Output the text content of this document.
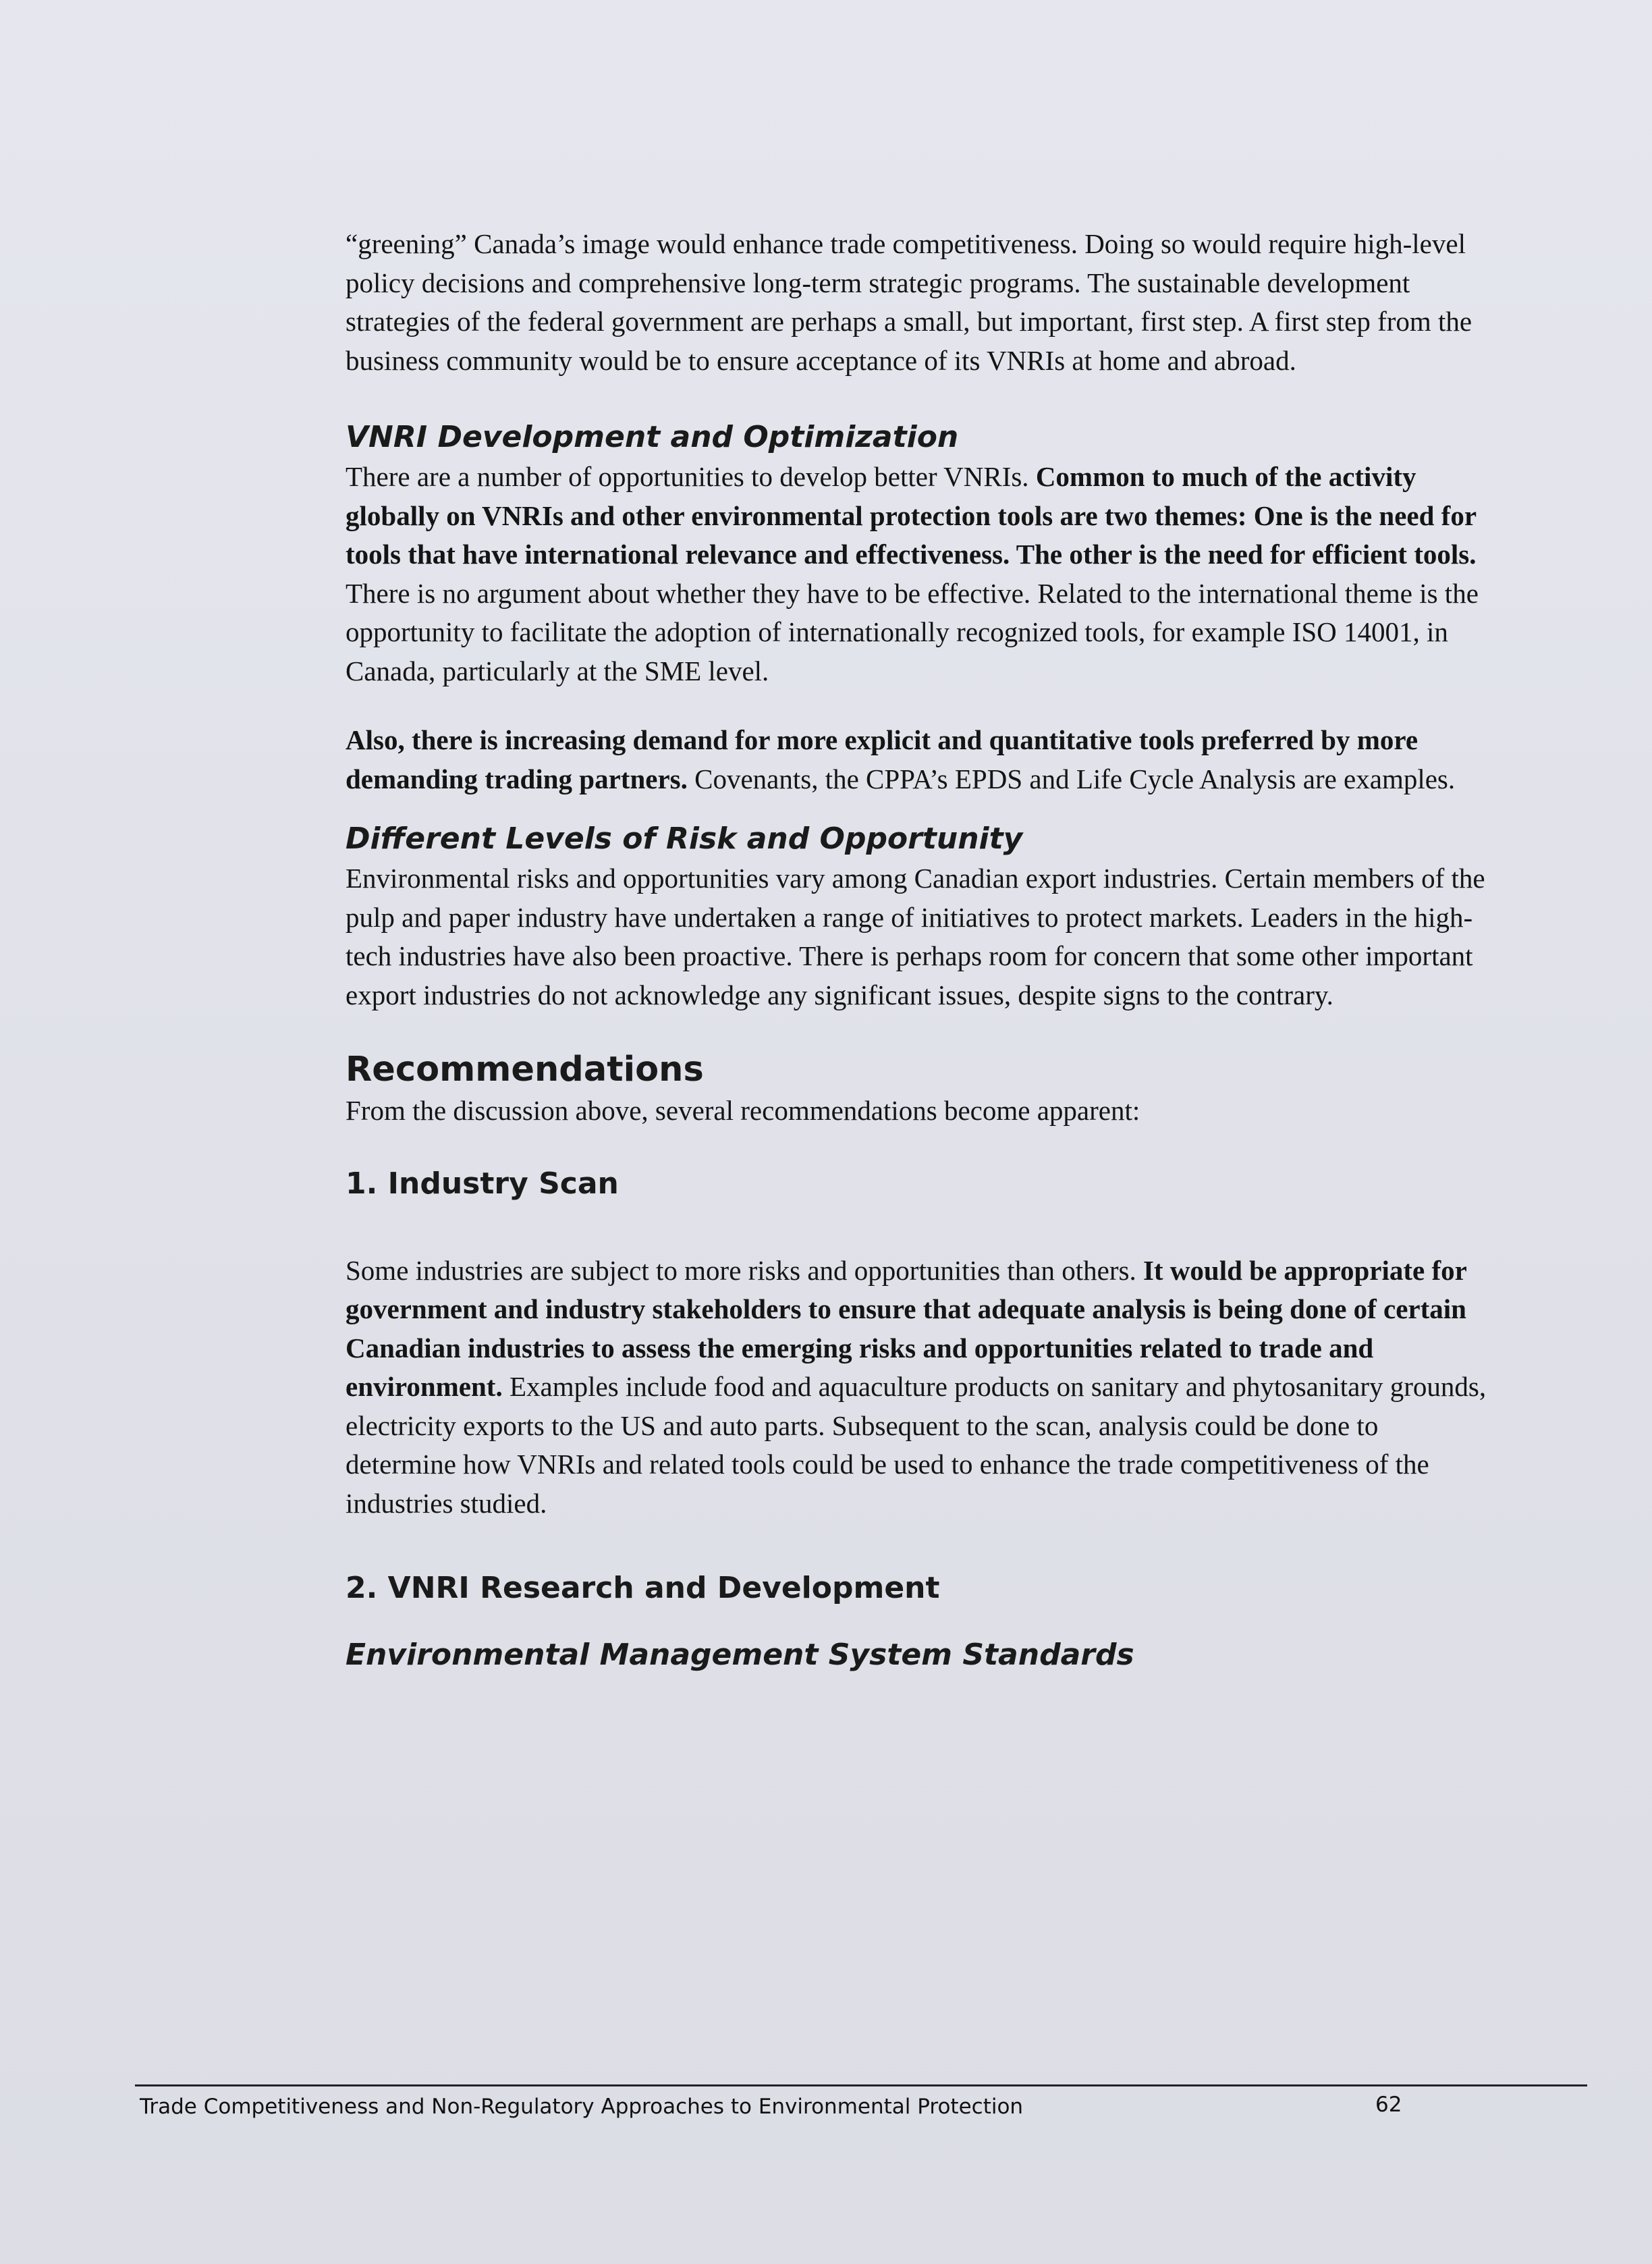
“greening” Canada’s image would enhance trade competitiveness. Doing so would require high-level policy decisions and comprehensive long-term strategic programs. The sustainable development strategies of the federal government are perhaps a small, but important, first step. A first step from the business community would be to ensure acceptance of its VNRIs at home and abroad.

VNRI Development and Optimization

There are a number of opportunities to develop better VNRIs. Common to much of the activity globally on VNRIs and other environmental protection tools are two themes: One is the need for tools that have international relevance and effectiveness. The other is the need for efficient tools. There is no argument about whether they have to be effective. Related to the international theme is the opportunity to facilitate the adoption of internationally recognized tools, for example ISO 14001, in Canada, particularly at the SME level.

Also, there is increasing demand for more explicit and quantitative tools preferred by more demanding trading partners. Covenants, the CPPA’s EPDS and Life Cycle Analysis are examples.

Different Levels of Risk and Opportunity

Environmental risks and opportunities vary among Canadian export industries. Certain members of the pulp and paper industry have undertaken a range of initiatives to protect markets. Leaders in the high-tech industries have also been proactive. There is perhaps room for concern that some other important export industries do not acknowledge any significant issues, despite signs to the contrary.

Recommendations

From the discussion above, several recommendations become apparent:

1. Industry Scan

Some industries are subject to more risks and opportunities than others. It would be appropriate for government and industry stakeholders to ensure that adequate analysis is being done of certain Canadian industries to assess the emerging risks and opportunities related to trade and environment. Examples include food and aquaculture products on sanitary and phytosanitary grounds, electricity exports to the US and auto parts. Subsequent to the scan, analysis could be done to determine how VNRIs and related tools could be used to enhance the trade competitiveness of the industries studied.

2. VNRI Research and Development
Environmental Management System Standards
Trade Competitiveness and Non-Regulatory Approaches to Environmental Protection	62
